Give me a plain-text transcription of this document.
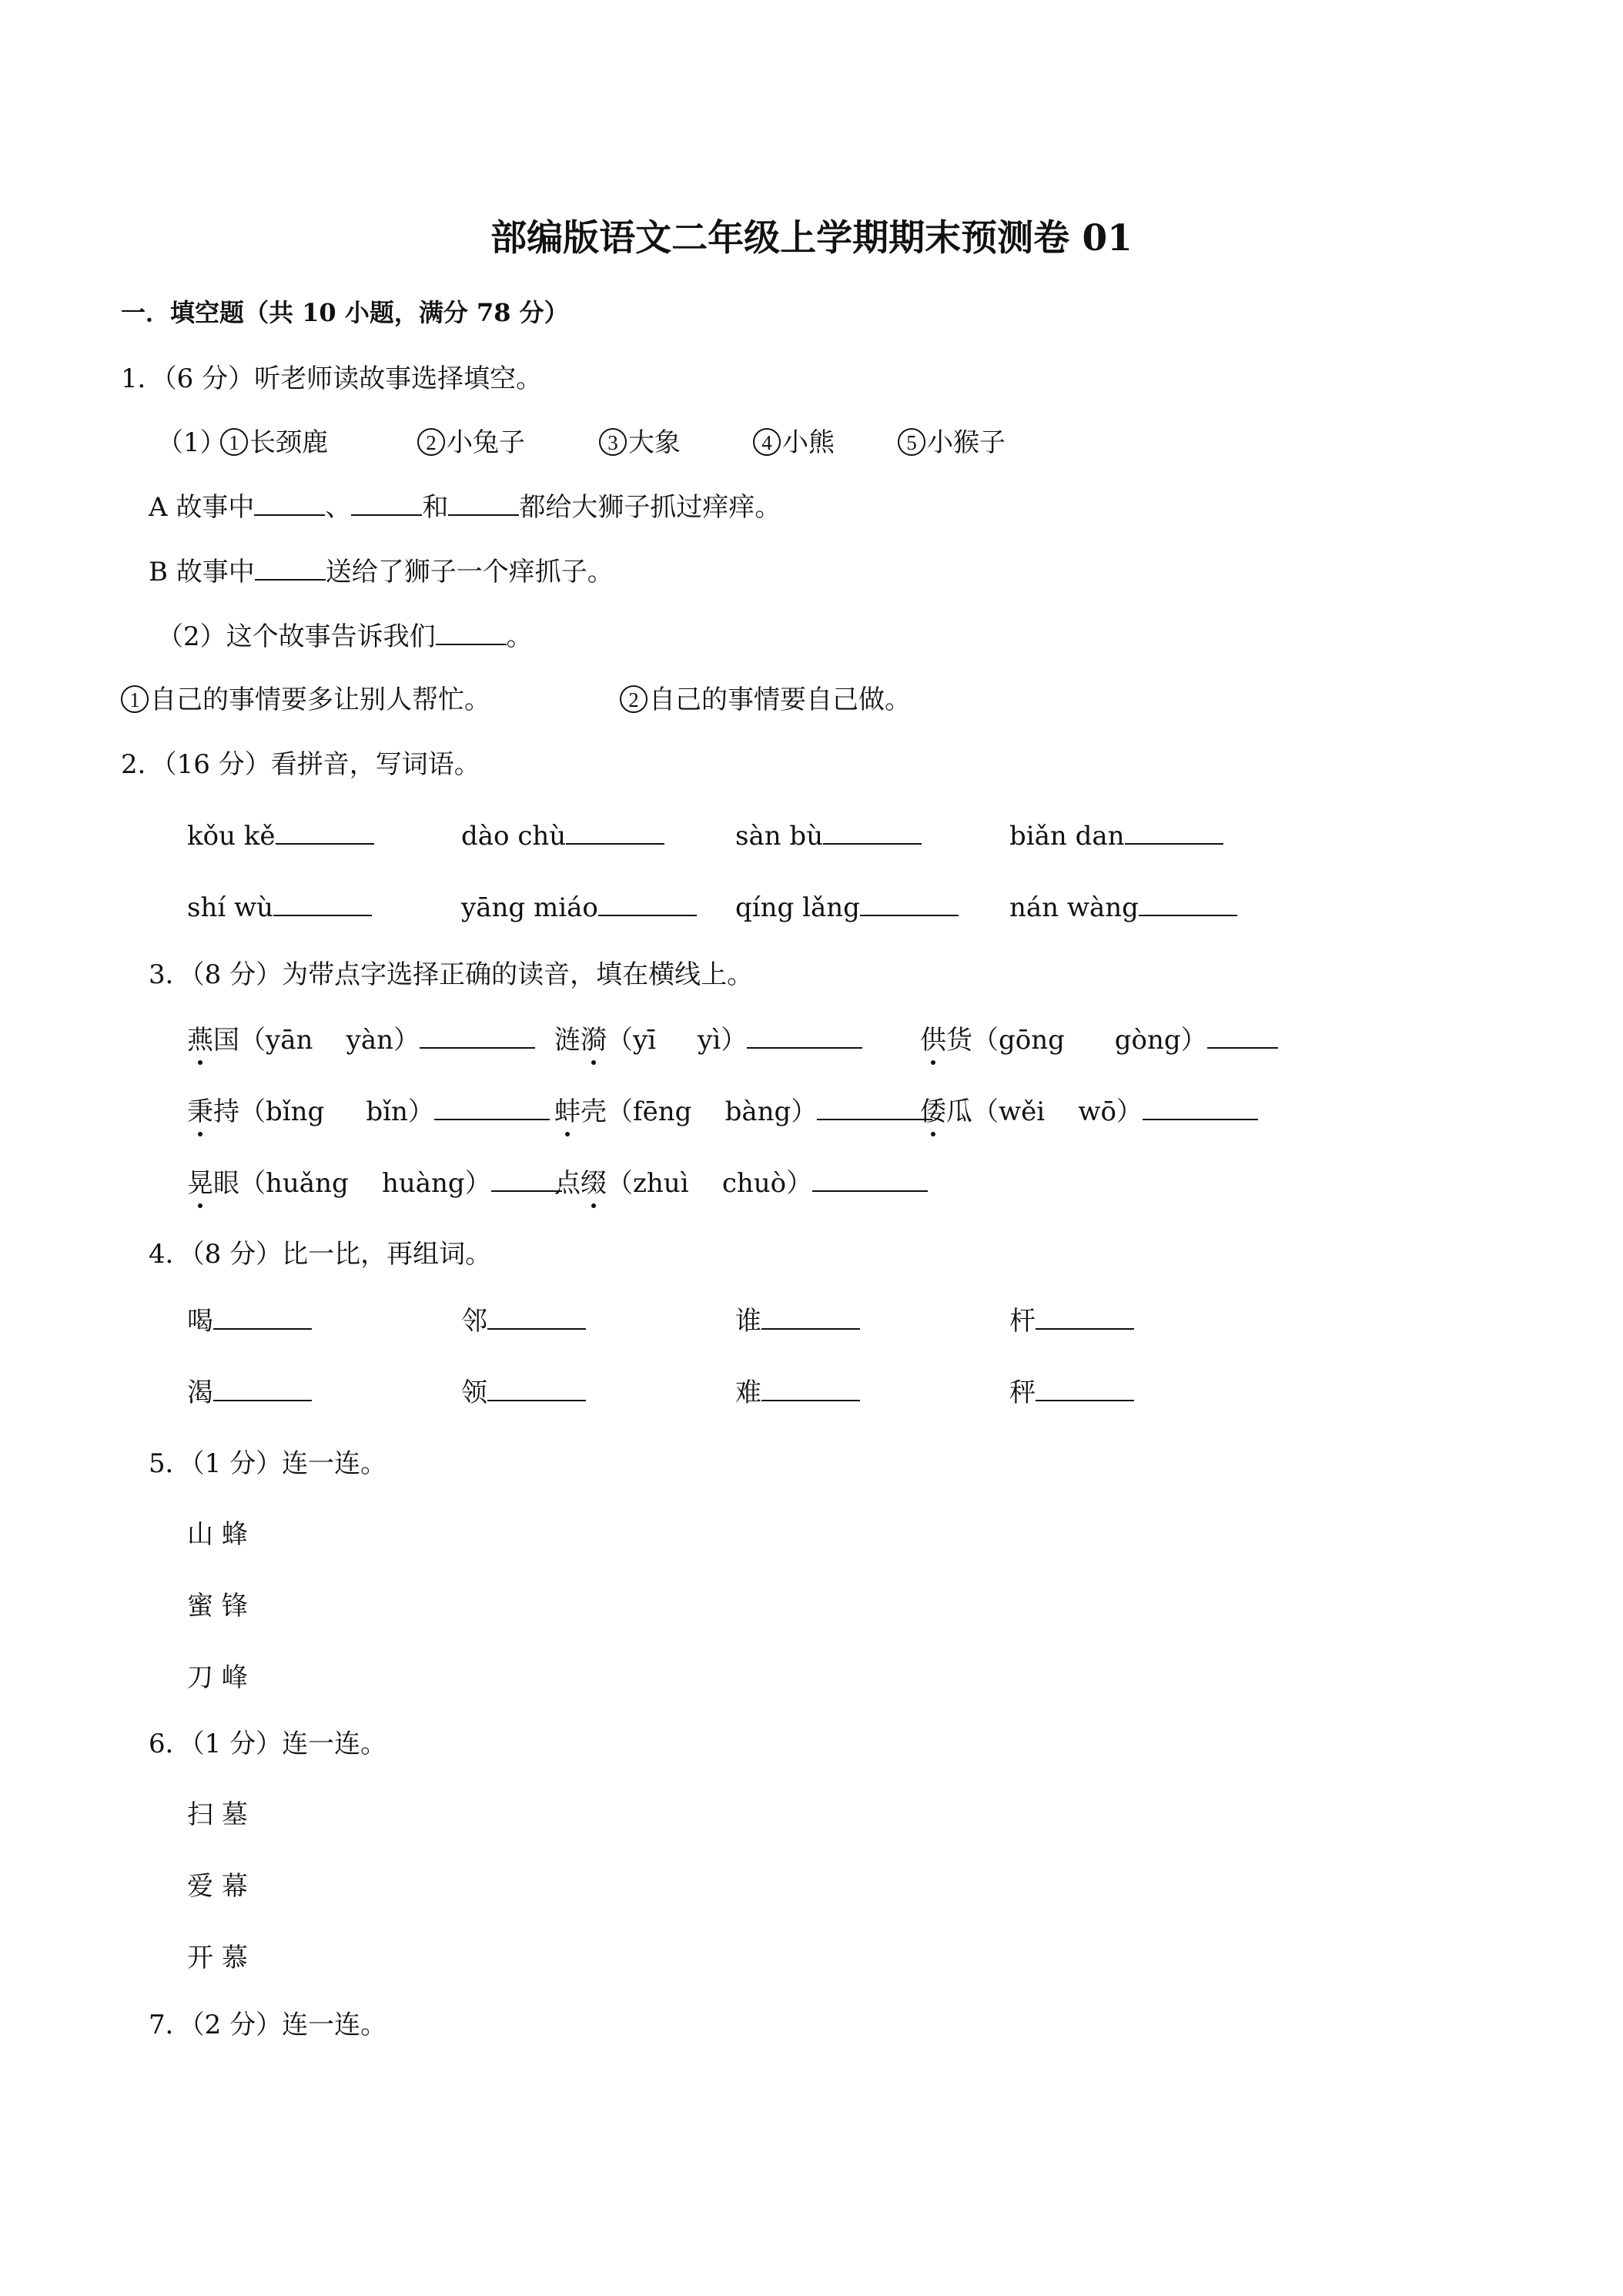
部编版语文二年级上学期期末预测卷 01
一．填空题（共 10 小题，满分 78 分）
1．（6 分）听老师读故事选择填空。
（1） 1 长颈鹿	2 小兔子	3 大象	4 小熊	5 小猴子
A 故事中	、	和	都给大狮子抓过痒痒。
B 故事中	送给了狮子一个痒抓子。
（2）这个故事告诉我们	。
1 自己的事情要多让别人帮忙。	2 自己的事情要自己做。
2．（16 分）看拼音，写词语。
kǒu kě	dào chù	sàn bù	biǎn dan
shí wù	yāng miáo	qíng lǎng	nán wàng
3．（8 分）为带点字选择正确的读音，填在横线上。
燕国（yān yàn）	涟漪（yī yì）	供货（gōng gòng）
秉持（bǐng bǐn）	蚌壳（fēng bàng）	倭瓜（wěi wō）
晃眼（huǎng huàng）	点缀（zhuì chuò）
4．（8 分）比一比，再组词。
喝	邻	谁	杆
渴	领	难	秤
5．（1 分）连一连。
山 蜂
蜜 锋
刀 峰
6．（1 分）连一连。
扫 墓
爱 幕
开 慕
7．（2 分）连一连。
